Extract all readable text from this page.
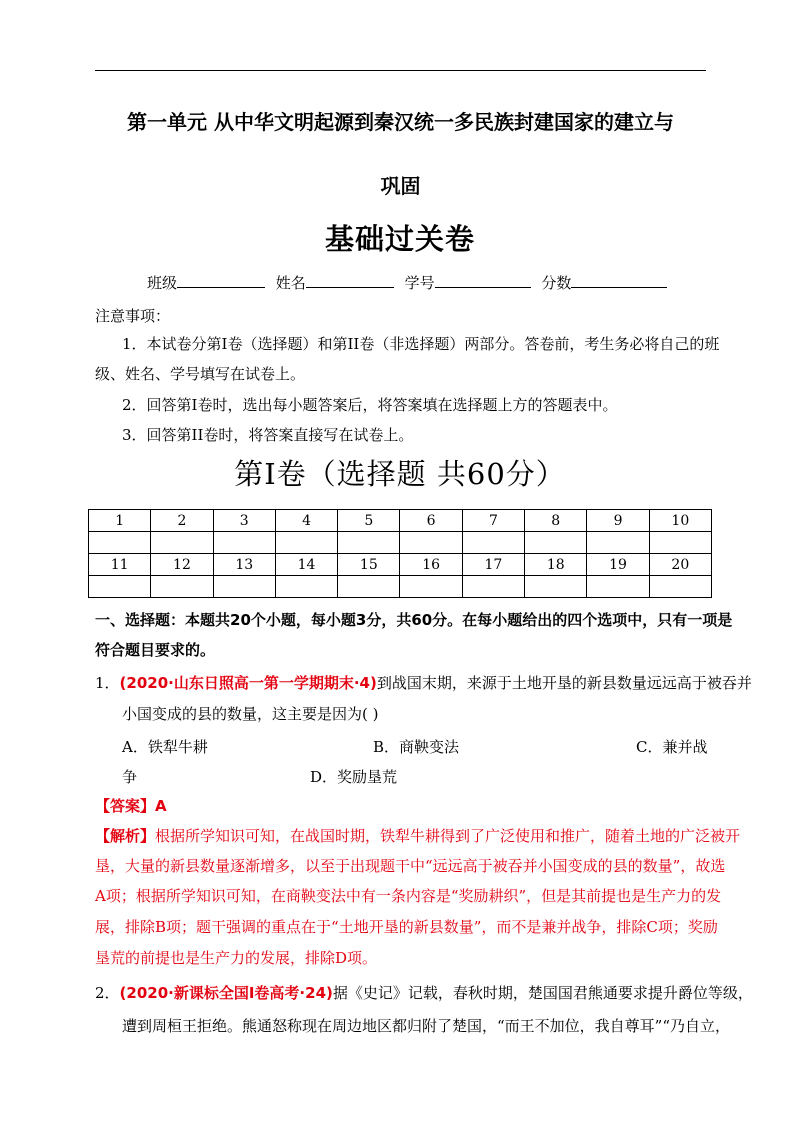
第一单元 从中华文明起源到秦汉统一多民族封建国家的建立与
巩固
基础过关卷
班级	姓名	学号	分数
注意事项：
1．本试卷分第I卷（选择题）和第II卷（非选择题）两部分。答卷前，考生务必将自己的班
级、姓名、学号填写在试卷上。
2．回答第I卷时，选出每小题答案后，将答案填在选择题上方的答题表中。
3．回答第II卷时，将答案直接写在试卷上。
第Ⅰ卷（选择题 共60分）
1	2	3	4	5	6	7	8	9	10

11	12	13	14	15	16	17	18	19	20

一、选择题：本题共20个小题，每小题3分，共60分。在每小题给出的四个选项中，只有一项是
符合题目要求的。
1．(2020·山东日照高一第一学期期末·4)到战国末期，来源于土地开垦的新县数量远远高于被吞并
小国变成的县的数量，这主要是因为( )
A．铁犁牛耕	B．商鞅变法	C．兼并战
争	D．奖励垦荒
【答案】A
【解析】根据所学知识可知，在战国时期，铁犁牛耕得到了广泛使用和推广，随着土地的广泛被开
垦，大量的新县数量逐渐增多，以至于出现题干中“远远高于被吞并小国变成的县的数量”，故选
A项；根据所学知识可知，在商鞅变法中有一条内容是“奖励耕织”，但是其前提也是生产力的发
展，排除B项；题干强调的重点在于“土地开垦的新县数量”，而不是兼并战争，排除C项；奖励
垦荒的前提也是生产力的发展，排除D项。
2．(2020·新课标全国Ⅰ卷高考·24)据《史记》记载，春秋时期，楚国国君熊通要求提升爵位等级，
遭到周桓王拒绝。熊通怒称现在周边地区都归附了楚国，“而王不加位，我自尊耳”“乃自立，
